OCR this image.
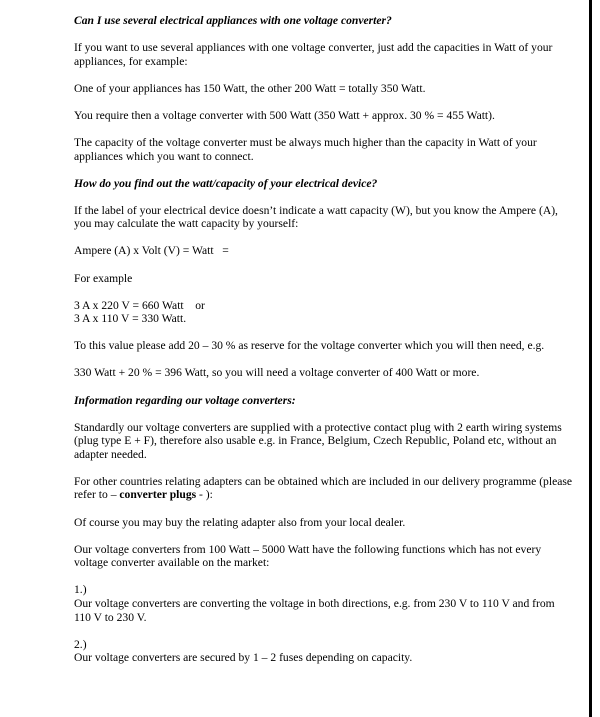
Can I use several electrical appliances with one voltage converter?

If you want to use several appliances with one voltage converter, just add the capacities in Watt of your appliances, for example:

One of your appliances has 150 Watt, the other 200 Watt = totally 350 Watt.

You require then a voltage converter with 500 Watt (350 Watt + approx. 30 % = 455 Watt).

The capacity of the voltage converter must be always much higher than the capacity in Watt of your appliances which you want to connect.

How do you find out the watt/capacity of your electrical device?

If the label of your electrical device doesn’t indicate a watt capacity (W), but you know the Ampere (A), you may calculate the watt capacity by yourself:

Ampere (A) x Volt (V) = Watt   =

For example

3 A x 220 V = 660 Watt    or
3 A x 110 V = 330 Watt.

To this value please add 20 – 30 % as reserve for the voltage converter which you will then need, e.g.

330 Watt + 20 % = 396 Watt, so you will need a voltage converter of 400 Watt or more.

Information regarding our voltage converters:

Standardly our voltage converters are supplied with a protective contact plug with 2 earth wiring systems (plug type E + F), therefore also usable e.g. in France, Belgium, Czech Republic, Poland etc, without an adapter needed.

For other countries relating adapters can be obtained which are included in our delivery programme (please refer to – converter plugs - ):

Of course you may buy the relating adapter also from your local dealer.

Our voltage converters from 100 Watt – 5000 Watt have the following functions which has not every voltage converter available on the market:

1.)
Our voltage converters are converting the voltage in both directions, e.g. from 230 V to 110 V and from 110 V to 230 V.

2.)
Our voltage converters are secured by 1 – 2 fuses depending on capacity.
